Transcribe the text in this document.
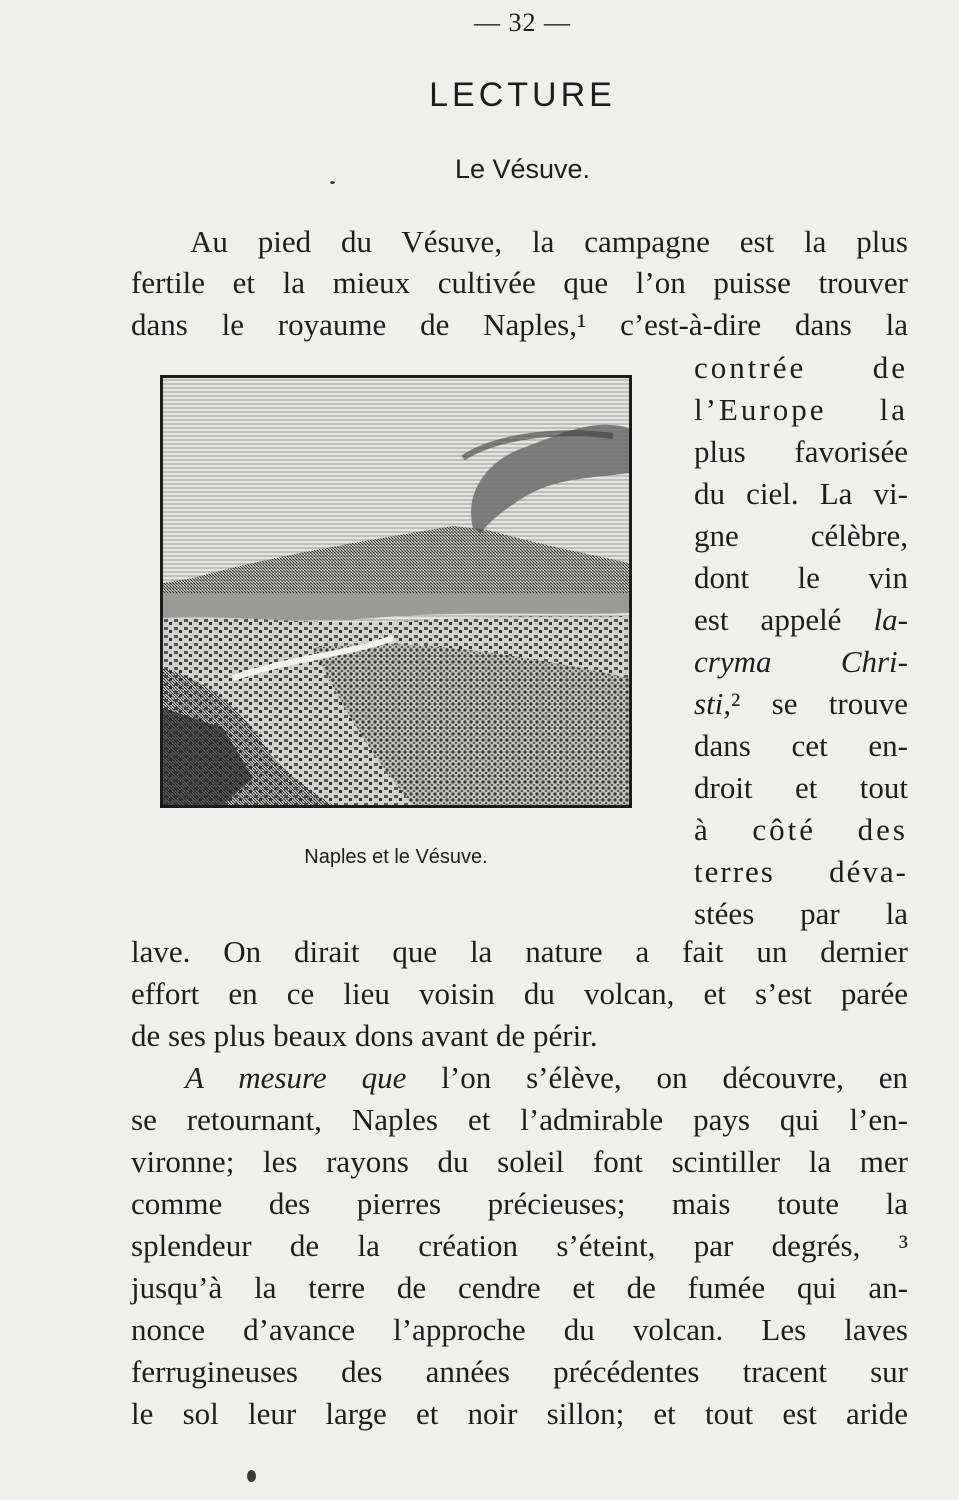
— 32 —
LECTURE
Le Vésuve.
Au pied du Vésuve, la campagne est la plus
fertile et la mieux cultivée que l’on puisse trouver
dans le royaume de Naples,¹ c’est-à-dire dans la
contrée de
l’Europe la
plus favorisée
du ciel. La vi-
gne célèbre,
dont le vin
est appelé la-
cryma Chri-
sti,² se trouve
dans cet en-
droit et tout
à côté des
terres déva-
stées par la
Naples et le Vésuve.
lave. On dirait que la nature a fait un dernier
effort en ce lieu voisin du volcan, et s’est parée
de ses plus beaux dons avant de périr.
A mesure que l’on s’élève, on découvre, en
se retournant, Naples et l’admirable pays qui l’en-
vironne; les rayons du soleil font scintiller la mer
comme des pierres précieuses; mais toute la
splendeur de la création s’éteint, par degrés, ³
jusqu’à la terre de cendre et de fumée qui an-
nonce d’avance l’approche du volcan. Les laves
ferrugineuses des années précédentes tracent sur
le sol leur large et noir sillon; et tout est aride
